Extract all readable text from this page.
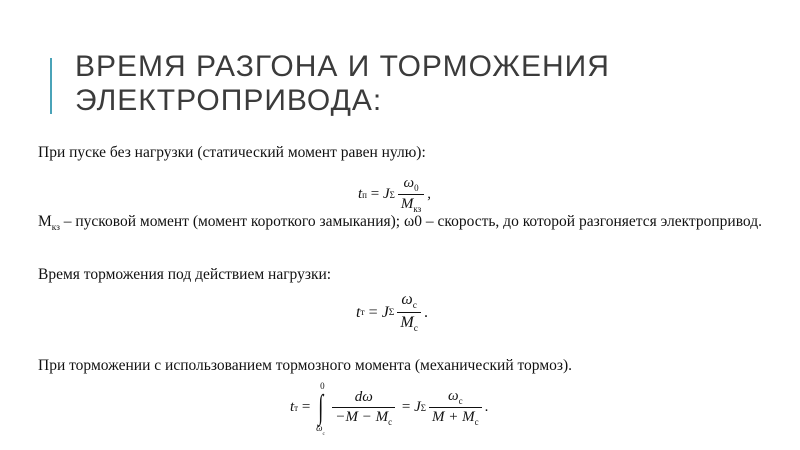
ВРЕМЯ РАЗГОНА И ТОРМОЖЕНИЯ
ЭЛЕКТРОПРИВОДА:
При пуске без нагрузки (статический момент равен нулю):
t п = J Σ $\frac{\omega_0}{M_{кз}}$ ,
$М_{кз}$ – пусковой момент (момент короткого замыкания); ω0 – скорость, до которой разгоняется электропривод.
Время торможения под действием нагрузки:
t т = J Σ $\frac{\omega_с}{M_с}$ .
При торможении с использованием тормозного момента (механический тормоз).
t т = ∫
0
$\omega_с$
$\frac{d\omega}{-M - M_с} = J$ Σ $\frac{\omega_с}{M + M_с}$ .
